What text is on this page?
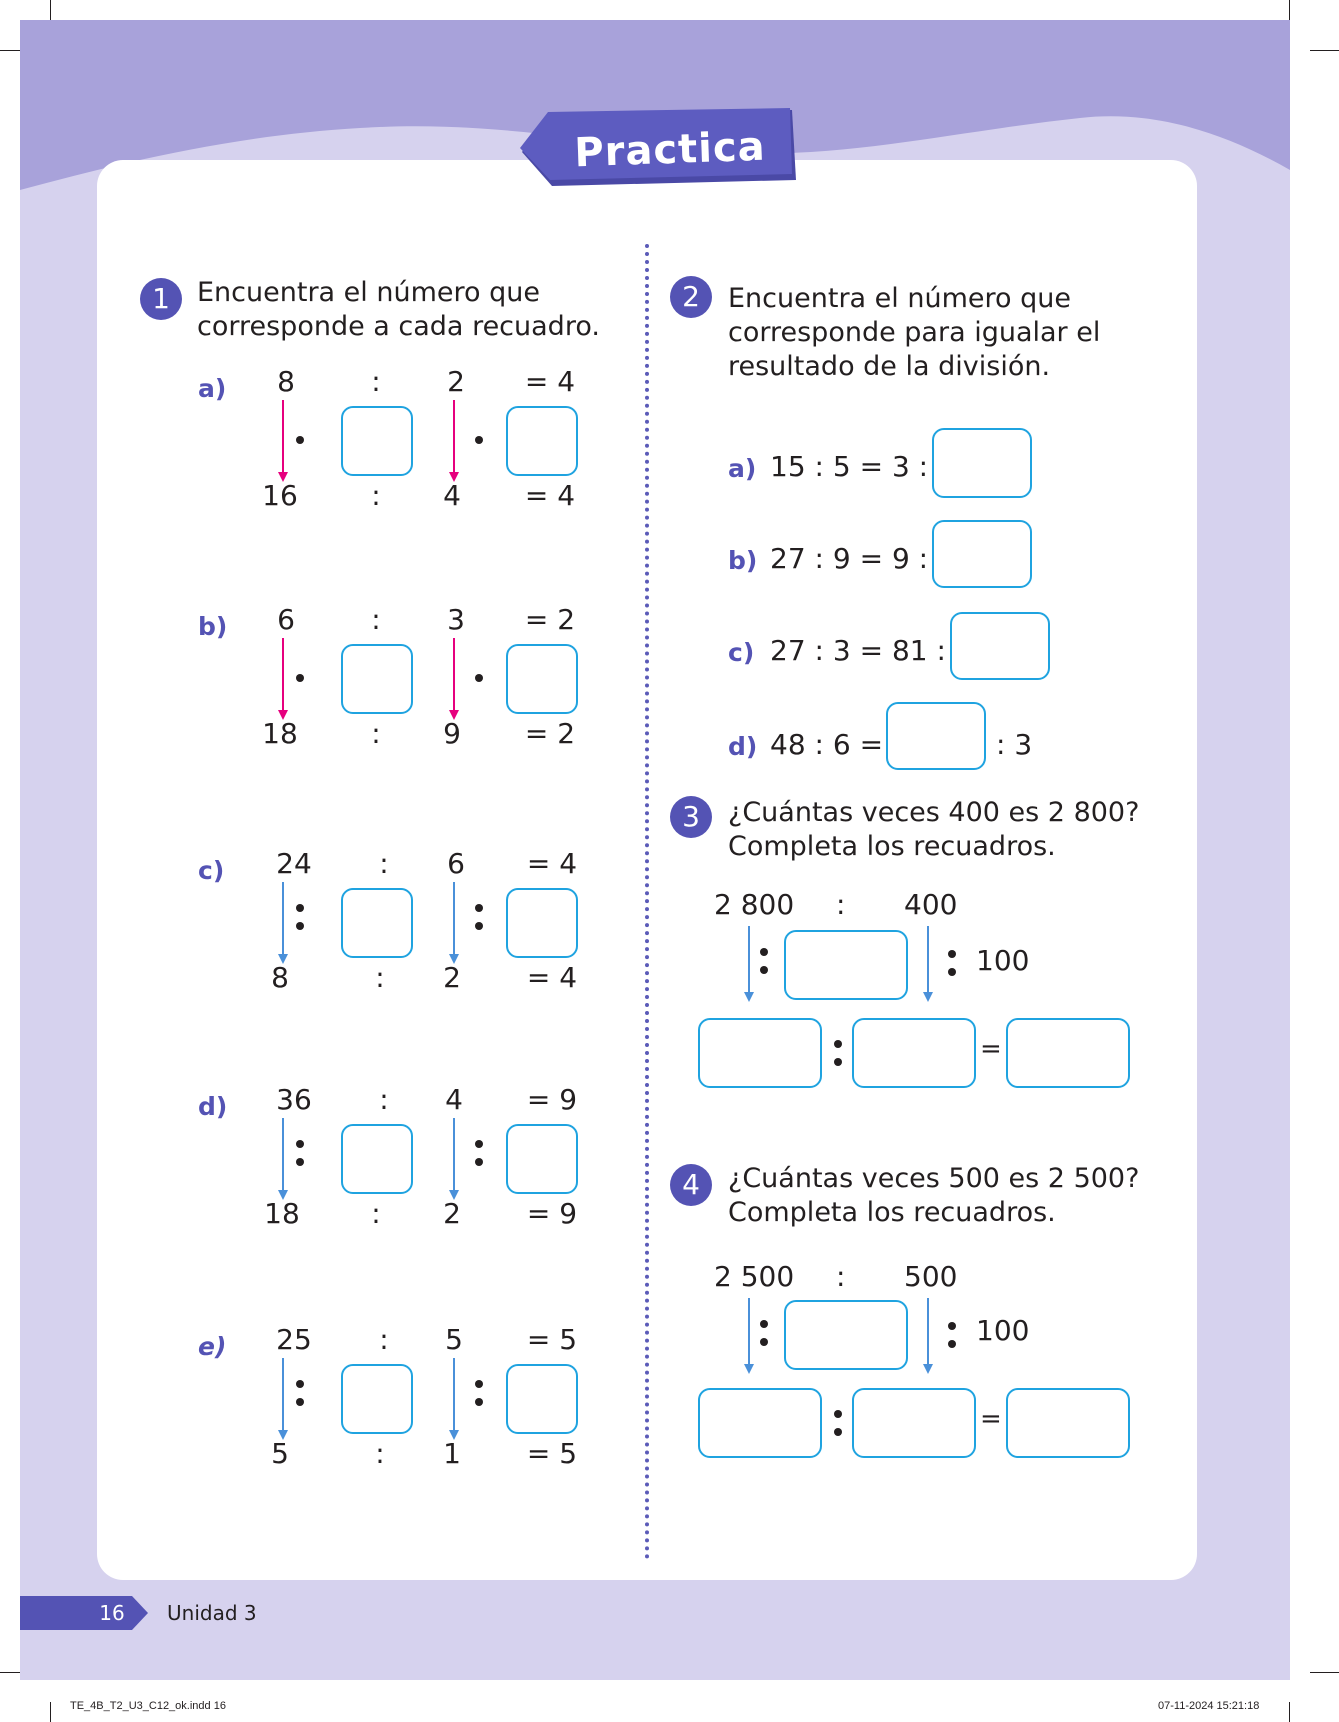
Practica
1	Encuentra el número que
corresponde a cada recuadro.
a)	8	:	2	= 4
16	:	4	= 4
b)	6	:	3	= 2
18	:	9	= 2
c)	24	:	6	= 4
8	:	2	= 4
d)	36	:	4	= 9
18	:	2	= 9
e)	25	:	5	= 5
5	:	1	= 5
2	Encuentra el número que
corresponde para igualar el
resultado de la división.
a) 15 : 5 = 3 :
b) 27 : 9 = 9 :
c) 27 : 3 = 81 :
d) 48 : 6 =	: 3
3	¿Cuántas veces 400 es 2 800?
Completa los recuadros.
2 800 : 400
100
=
4	¿Cuántas veces 500 es 2 500?
Completa los recuadros.
2 500 : 500
100
=
16	Unidad 3
TE_4B_T2_U3_C12_ok.indd 16	07-11-2024 15:21:18
